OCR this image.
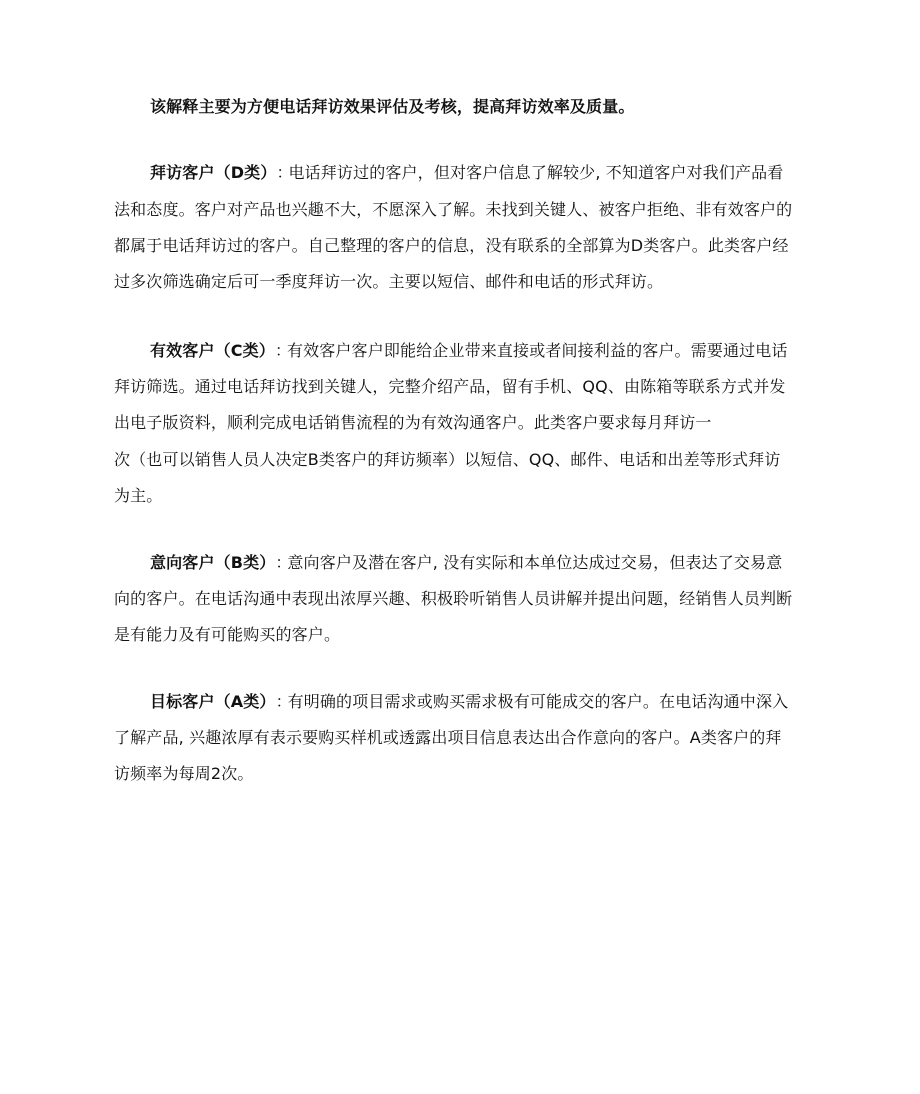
该解释主要为方便电话拜访效果评估及考核，提高拜访效率及质量。
拜访客户（D类）：电话拜访过的客户，但对客户信息了解较少, 不知道客户对我们产品看
法和态度。客户对产品也兴趣不大，不愿深入了解。未找到关键人、被客户拒绝、非有效客户的
都属于电话拜访过的客户。自己整理的客户的信息，没有联系的全部算为D类客户。此类客户经
过多次筛选确定后可一季度拜访一次。主要以短信、邮件和电话的形式拜访。
有效客户（C类）：有效客户客户即能给企业带来直接或者间接利益的客户。需要通过电话
拜访筛选。通过电话拜访找到关键人，完整介绍产品，留有手机、QQ、由陈箱等联系方式并发
出电子版资料，顺利完成电话销售流程的为有效沟通客户。此类客户要求每月拜访一
次（也可以销售人员人决定B类客户的拜访频率）以短信、QQ、邮件、电话和出差等形式拜访
为主。
意向客户（B类）：意向客户及潜在客户, 没有实际和本单位达成过交易，但表达了交易意
向的客户。在电话沟通中表现出浓厚兴趣、积极聆听销售人员讲解并提出问题，经销售人员判断
是有能力及有可能购买的客户。
目标客户（A类）：有明确的项目需求或购买需求极有可能成交的客户。在电话沟通中深入
了解产品, 兴趣浓厚有表示要购买样机或透露出项目信息表达出合作意向的客户。A类客户的拜
访频率为每周2次。
